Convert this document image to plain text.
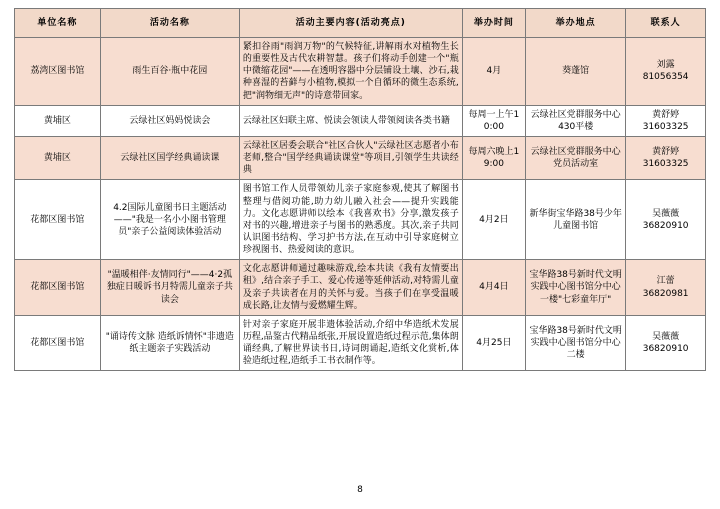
单位名称	活动名称	活动主要内容(活动亮点)	举办时间	举办地点	联系人
荔湾区图书馆	雨生百谷·瓶中花园	紧扣谷雨"雨润万物"的气候特征,讲解雨水对植物生长的重要性及古代农耕智慧。孩子们将动手创建一个"瓶中微缩花园"——在透明容器中分层铺设土壤、沙石,栽种喜湿的苔藓与小植物,模拟一个自循环的微生态系统,把"润物细无声"的诗意带回家。	4月	葵蓬馆	刘露
81056354

黄埔区	云绿社区妈妈悦读会	云绿社区妇联主席、悦读会领读人带领阅读各类书籍	每周一上午10:00	云绿社区党群服务中心430平楼	黄舒婷
31603325

黄埔区	云绿社区国学经典诵读课	云绿社区居委会联合"社区合伙人"云绿社区志愿者小布老师,整合"国学经典诵读课堂"等项目,引领学生共读经典	每周六晚上19:00	云绿社区党群服务中心党员活动室	黄舒婷
31603325

花都区图书馆	4.2国际儿童图书日主题活动——"我是一名小小图书管理员"亲子公益阅读体验活动	图书馆工作人员带领幼儿亲子家庭参观,使其了解图书整理与借阅功能,助力幼儿融入社会——提升实践能力。文化志愿讲师以绘本《我喜欢书》分享,激发孩子对书的兴趣,增进亲子与图书的熟悉度。其次,亲子共同认识图书结构、学习护书方法,在互动中引导家庭树立珍视图书、热爱阅读的意识。	4月2日	新华街宝华路38号少年儿童图书馆	吴薇薇
36820910

花都区图书馆	"温暖相伴·友情同行"——4·2孤独症日暖诉书月特需儿童亲子共读会	文化志愿讲师通过趣味游戏,绘本共读《我有友情要出租》,结合亲子手工、爱心传递等延伸活动,对特需儿童及亲子共读者在月的关怀与爱。当孩子们在享受温暖成长路,让友情与爱燃耀生辉。	4月4日	宝华路38号新时代文明实践中心图书馆分中心一楼"七彩童年厅"	江蕾
36820981

花都区图书馆	"诵诗传文脉 造纸诉情怀"非遗造纸主题亲子实践活动	针对亲子家庭开展非遗体验活动,介绍中华造纸术发展历程,品鉴古代精品纸张,开展设置造纸过程示范,集体朗诵经典,了解世界读书日,诗词朗诵起,造纸文化赏析,体验造纸过程,造纸手工书衣制作等。	4月25日	宝华路38号新时代文明实践中心图书馆分中心二楼	吴薇薇
36820910
8
